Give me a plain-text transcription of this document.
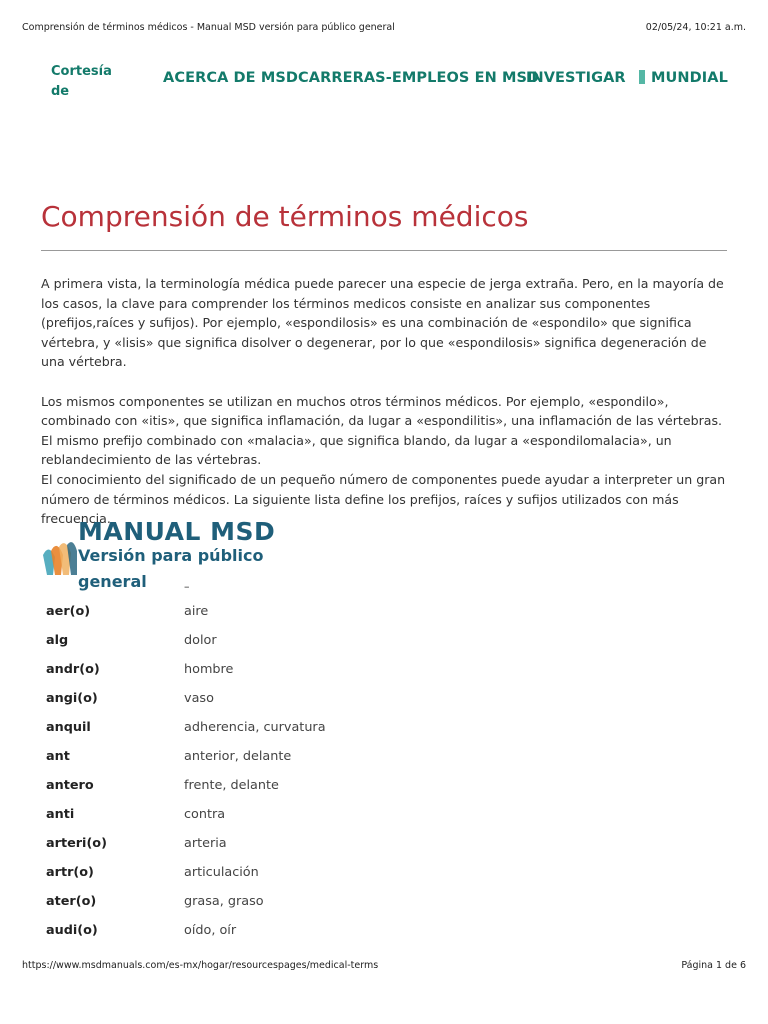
Comprensión de términos médicos - Manual MSD versión para público general	02/05/24, 10:21 a.m.
Cortesía de
ACERCA DE MSD CARRERAS-EMPLEOS EN MSD
INVESTIGAR	MUNDIAL
Comprensión de términos médicos

A primera vista, la terminología médica puede parecer una especie de jerga extraña. Pero, en la mayoría de los casos, la clave para comprender los términos medicos consiste en analizar sus componentes (prefijos,raíces y sufijos). Por ejemplo, «espondilosis» es una combinación de «espondilo» que significa vértebra, y «lisis» que significa disolver o degenerar, por lo que «espondilosis» significa degeneración de una vértebra.

Los mismos componentes se utilizan en muchos otros términos médicos. Por ejemplo, «espondilo», combinado con «itis», que significa inflamación, da lugar a «espondilitis», una inflamación de las vértebras. El mismo prefijo combinado con «malacia», que significa blando, da lugar a «espondilomalacia», un reblandecimiento de las vértebras.

El conocimiento del significado de un pequeño número de componentes puede ayudar a interpreter un gran número de términos médicos. La siguiente lista define los prefijos, raíces y sufijos utilizados con más frecuencia.

MANUAL MSD
Versión para público general	–
aer(o)	aire
alg	dolor
andr(o)	hombre
angi(o)	vaso
anquil	adherencia, curvatura
ant	anterior, delante
antero	frente, delante
anti	contra
arteri(o)	arteria
artr(o)	articulación
ater(o)	grasa, graso
audi(o)	oído, oír
https://www.msdmanuals.com/es-mx/hogar/resourcespages/medical-terms	Página 1 de 6
